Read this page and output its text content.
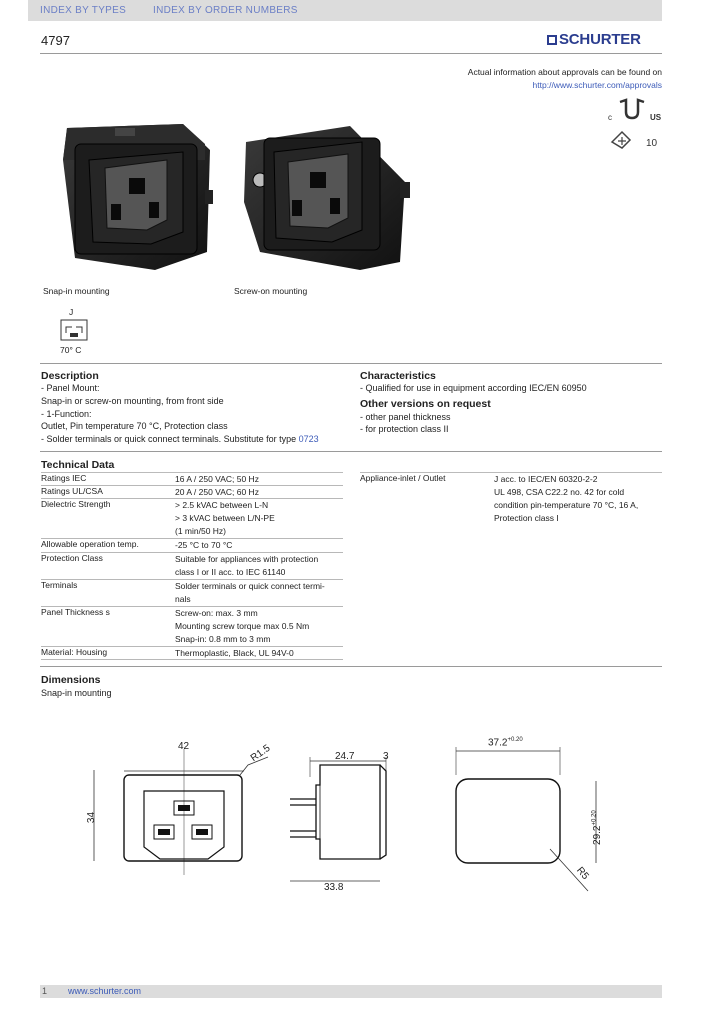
INDEX BY TYPES	INDEX BY ORDER NUMBERS
4797	SCHURTER
Actual information about approvals can be found on
http://www.schurter.com/approvals
c	US
10
Snap-in mounting	Screw-on mounting
J
70° C
Description
- Panel Mount:
Snap-in or screw-on mounting, from front side
- 1-Function:
Outlet, Pin temperature 70 °C, Protection class
- Solder terminals or quick connect terminals. Substitute for type 0723
Characteristics
- Qualified for use in equipment according IEC/EN 60950
Other versions on request
- other panel thickness
- for protection class II
Technical Data
Ratings IEC	16 A / 250 VAC; 50 Hz
Ratings UL/CSA	20 A / 250 VAC; 60 Hz
Dielectric Strength	> 2.5 kVAC between L-N
> 3 kVAC between L/N-PE
(1 min/50 Hz)
Allowable operation temp.	-25 °C to 70 °C
Protection Class	Suitable for appliances with protection
class I or II acc. to IEC 61140
Terminals	Solder terminals or quick connect termi-
nals
Panel Thickness s	Screw-on: max. 3 mm
Mounting screw torque max 0.5 Nm
Snap-in: 0.8 mm to 3 mm
Material: Housing	Thermoplastic, Black, UL 94V-0
Appliance-inlet / Outlet	J acc. to IEC/EN 60320-2-2
UL 498, CSA C22.2 no. 42 for cold
condition pin-temperature 70 °C, 16 A,
Protection class I
Dimensions
Snap-in mounting
42
34
R1.5	24.7	3
33.8
$37.2^{+0.20}$
$29.2^{+0.20}$
R5
www.schurter.com
1
